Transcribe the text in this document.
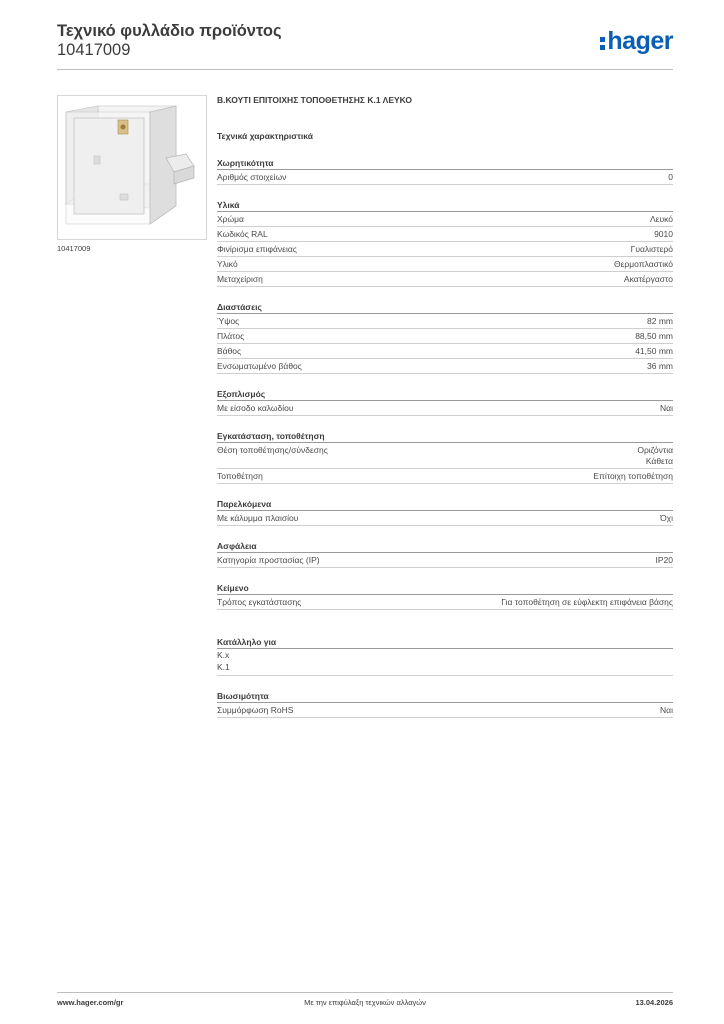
Τεχνικό φυλλάδιο προϊόντος
10417009	hager
10417009
Β.ΚΟΥΤΙ ΕΠΙΤΟΙΧΗΣ ΤΟΠΟΘΕΤΗΣΗΣ Κ.1 ΛΕΥΚΟ
Τεχνικά χαρακτηριστικά
Χωρητικότητα
Αριθμός στοιχείων	0
Υλικά
Χρώμα	Λευκό
Κωδικός RAL	9010
Φινίρισμα επιφάνειας	Γυαλιστερό
Υλικό	Θερμοπλαστικό
Μεταχείριση	Ακατέργαστο
Διαστάσεις
Ύψος	82 mm
Πλάτος	88,50 mm
Βάθος	41,50 mm
Ενσωματωμένο βάθος	36 mm
Εξοπλισμός
Με είσοδο καλωδίου	Ναι
Εγκατάσταση, τοποθέτηση
Θέση τοποθέτησης/σύνδεσης	Οριζόντια
Κάθετα
Τοποθέτηση	Επίτοιχη τοποθέτηση
Παρελκόμενα
Με κάλυμμα πλαισίου	Όχι
Ασφάλεια
Κατηγορία προστασίας (IP)	IP20
Κείμενο
Τρόπος εγκατάστασης	Για τοποθέτηση σε εύφλεκτη επιφάνεια βάσης
Κατάλληλο για
K.x
K.1
Βιωσιμότητα
Συμμόρφωση RoHS	Ναι
www.hager.com/gr	Με την επιφύλαξη τεχνικών αλλαγών	13.04.2026
